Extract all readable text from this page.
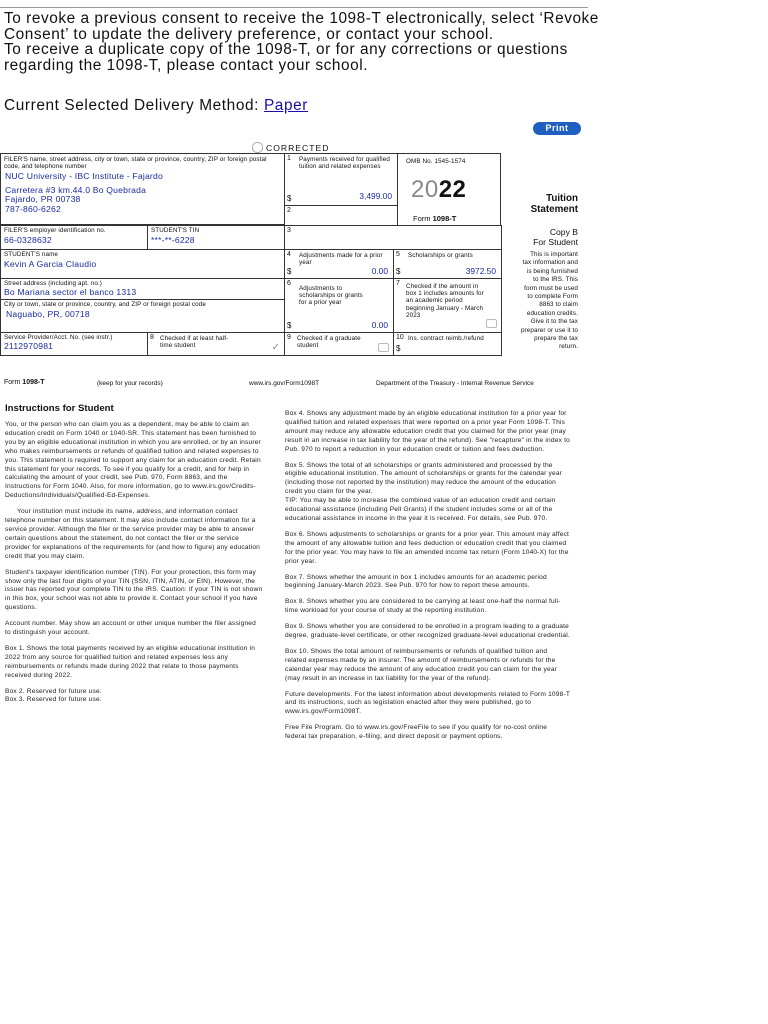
To revoke a previous consent to receive the 1098-T electronically, select ‘Revoke Consent’ to update the delivery preference, or contact your school.
To receive a duplicate copy of the 1098-T, or for any corrections or questions regarding the 1098-T, please contact your school.
Current Selected Delivery Method: Paper
Print
CORRECTED
FILER'S name, street address, city or town, state or province, country, ZIP or foreign postal code, and telephone number
NUC University - IBC Institute - Fajardo
Carretera #3 km.44.0 Bo Quebrada
Fajardo, PR 00738
787-860-6262
1 Payments received for qualified tuition and related expenses
$	3,499.00
2
OMB No. 1545-1574
2022
Form 1098-T
Tuition
Statement
FILER'S employer identification no.
66-0328632
STUDENT'S TIN
***-**-6228
3	Copy B
For Student
This is important tax information and is being furnished to the IRS. This form must be used to complete Form 8863 to claim education credits. Give it to the tax preparer or use it to prepare the tax return.
STUDENT'S name
Kevin A Garcia Claudio
4 Adjustments made for a prior year
$	0.00
5 Scholarships or grants
$	3972.50
Street address (including apt. no.)
Bo Mariana sector el banco 1313
City or town, state or province, country, and ZIP or foreign postal code
Naguabo, PR, 00718
6
Adjustments to scholarships or grants for a prior year
$	0.00
7 Checked if the amount in box 1 includes amounts for an academic period beginning January - March 2023
Service Provider/Acct. No. (see instr.)
2112970981
8 Checked if at least half-time student	✓
9 Checked if a graduate student
10 Ins. contract reimb./refund
$
Form 1098-T	(keep for your records)	www.irs.gov/Form1098T	Department of the Treasury - Internal Revenue Service
Instructions for Student

You, or the person who can claim you as a dependent, may be able to claim an education credit on Form 1040 or 1040-SR. This statement has been furnished to you by an eligible educational institution in which you are enrolled, or by an insurer who makes reimbursements or refunds of qualified tuition and related expenses to you. This statement is required to support any claim for an education credit. Retain this statement for your records. To see if you qualify for a credit, and for help in calculating the amount of your credit, see Pub. 970, Form 8863, and the Instructions for Form 1040. Also, for more information, go to www.irs.gov/Credits-Deductions/Individuals/Qualified-Ed-Expenses.

Your institution must include its name, address, and information contact telephone number on this statement. It may also include contact information for a service provider. Although the filer or the service provider may be able to answer certain questions about the statement, do not contact the filer or the service provider for explanations of the requirements for (and how to figure) any education credit that you may claim.

Student's taxpayer identification number (TIN). For your protection, this form may show only the last four digits of your TIN (SSN, ITIN, ATIN, or EIN). However, the issuer has reported your complete TIN to the IRS. Caution: If your TIN is not shown in this box, your school was not able to provide it. Contact your school if you have questions.

Account number. May show an account or other unique number the filer assigned to distinguish your account.

Box 1. Shows the total payments received by an eligible educational institution in 2022 from any source for qualified tuition and related expenses less any reimbursements or refunds made during 2022 that relate to those payments received during 2022.

Box 2. Reserved for future use.

Box 3. Reserved for future use.

Box 4. Shows any adjustment made by an eligible educational institution for a prior year for qualified tuition and related expenses that were reported on a prior year Form 1098-T. This amount may reduce any allowable education credit that you claimed for the prior year (may result in an increase in tax liability for the year of the refund). See "recapture" in the index to Pub. 970 to report a reduction in your education credit or tuition and fees deduction.

Box 5. Shows the total of all scholarships or grants administered and processed by the eligible educational institution. The amount of scholarships or grants for the calendar year (including those not reported by the institution) may reduce the amount of the education credit you claim for the year.
TIP: You may be able to increase the combined value of an education credit and certain educational assistance (including Pell Grants) if the student includes some or all of the educational assistance in income in the year it is received. For details, see Pub. 970.

Box 6. Shows adjustments to scholarships or grants for a prior year. This amount may affect the amount of any allowable tuition and fees deduction or education credit that you claimed for the prior year. You may have to file an amended income tax return (Form 1040-X) for the prior year.

Box 7. Shows whether the amount in box 1 includes amounts for an academic period beginning January-March 2023. See Pub. 970 for how to report these amounts.

Box 8. Shows whether you are considered to be carrying at least one-half the normal full-time workload for your course of study at the reporting institution.

Box 9. Shows whether you are considered to be enrolled in a program leading to a graduate degree, graduate-level certificate, or other recognized graduate-level educational credential.

Box 10. Shows the total amount of reimbursements or refunds of qualified tuition and related expenses made by an insurer. The amount of reimbursements or refunds for the calendar year may reduce the amount of any education credit you can claim for the year (may result in an increase in tax liability for the year of the refund).

Future developments. For the latest information about developments related to Form 1098-T and its instructions, such as legislation enacted after they were published, go to www.irs.gov/Form1098T.

Free File Program. Go to www.irs.gov/FreeFile to see if you qualify for no-cost online federal tax preparation, e-filing, and direct deposit or payment options.
